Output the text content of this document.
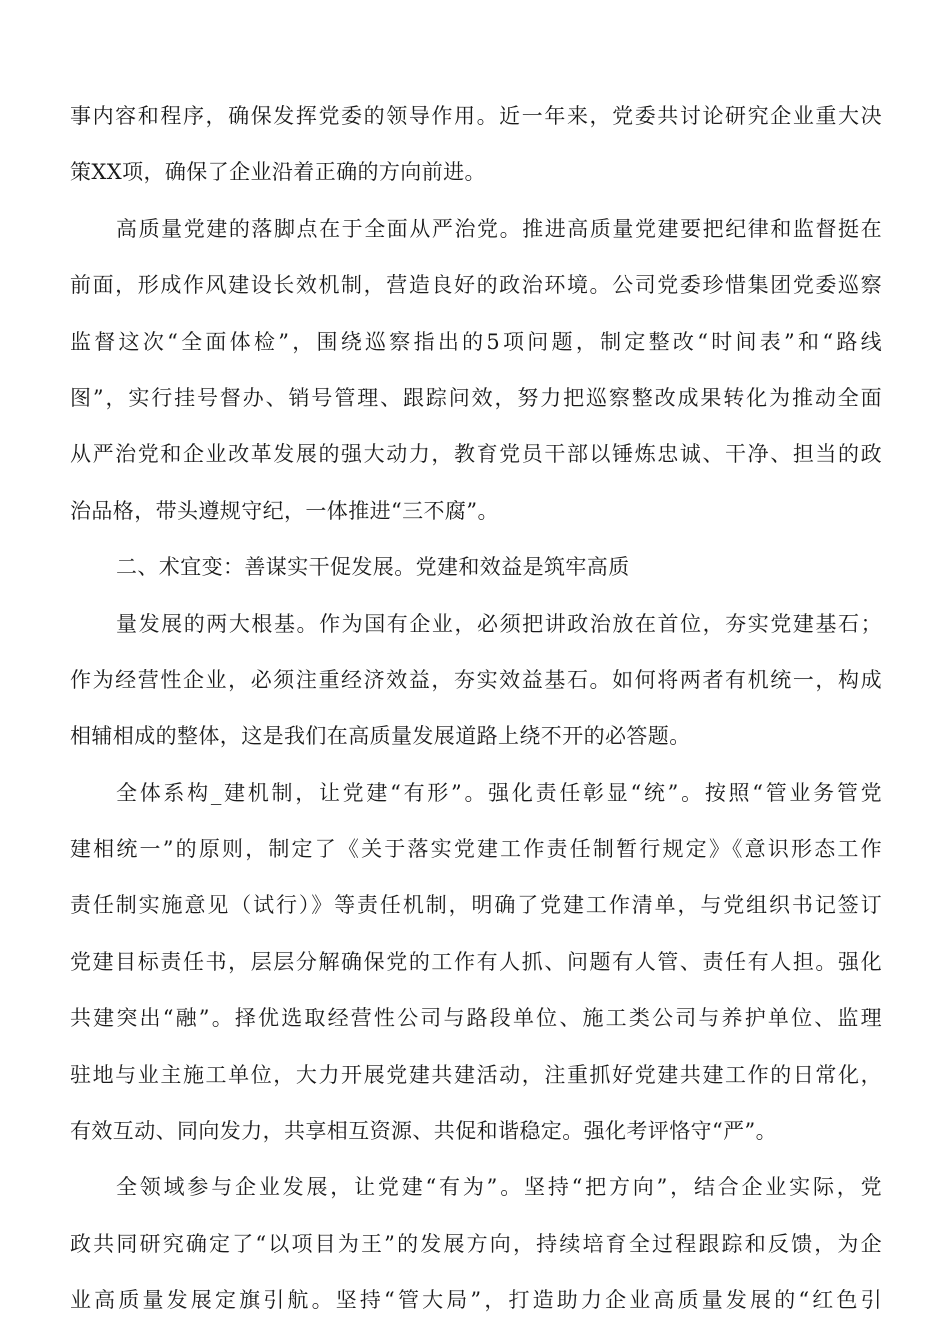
事内容和程序，确保发挥党委的领导作用。近一年来，党委共讨论研究企业重大决
策XX项，确保了企业沿着正确的方向前进。
高质量党建的落脚点在于全面从严治党。推进高质量党建要把纪律和监督挺在
前面，形成作风建设长效机制，营造良好的政治环境。公司党委珍惜集团党委巡察
监督这次“全面体检”，围绕巡察指出的5项问题，制定整改“时间表”和“路线
图”，实行挂号督办、销号管理、跟踪问效，努力把巡察整改成果转化为推动全面
从严治党和企业改革发展的强大动力，教育党员干部以锤炼忠诚、干净、担当的政
治品格，带头遵规守纪，一体推进“三不腐”。
二、术宜变：善谋实干促发展。党建和效益是筑牢高质
量发展的两大根基。作为国有企业，必须把讲政治放在首位，夯实党建基石；
作为经营性企业，必须注重经济效益，夯实效益基石。如何将两者有机统一，构成
相辅相成的整体，这是我们在高质量发展道路上绕不开的必答题。
全体系构_建机制，让党建“有形”。强化责任彰显“统”。按照“管业务管党
建相统一”的原则，制定了《关于落实党建工作责任制暂行规定》《意识形态工作
责任制实施意见（试行）》等责任机制，明确了党建工作清单，与党组织书记签订
党建目标责任书，层层分解确保党的工作有人抓、问题有人管、责任有人担。强化
共建突出“融”。择优选取经营性公司与路段单位、施工类公司与养护单位、监理
驻地与业主施工单位，大力开展党建共建活动，注重抓好党建共建工作的日常化，
有效互动、同向发力，共享相互资源、共促和谐稳定。强化考评恪守“严”。
全领域参与企业发展，让党建“有为”。坚持“把方向”，结合企业实际，党
政共同研究确定了“以项目为王”的发展方向，持续培育全过程跟踪和反馈，为企
业高质量发展定旗引航。坚持“管大局”，打造助力企业高质量发展的“红色引
